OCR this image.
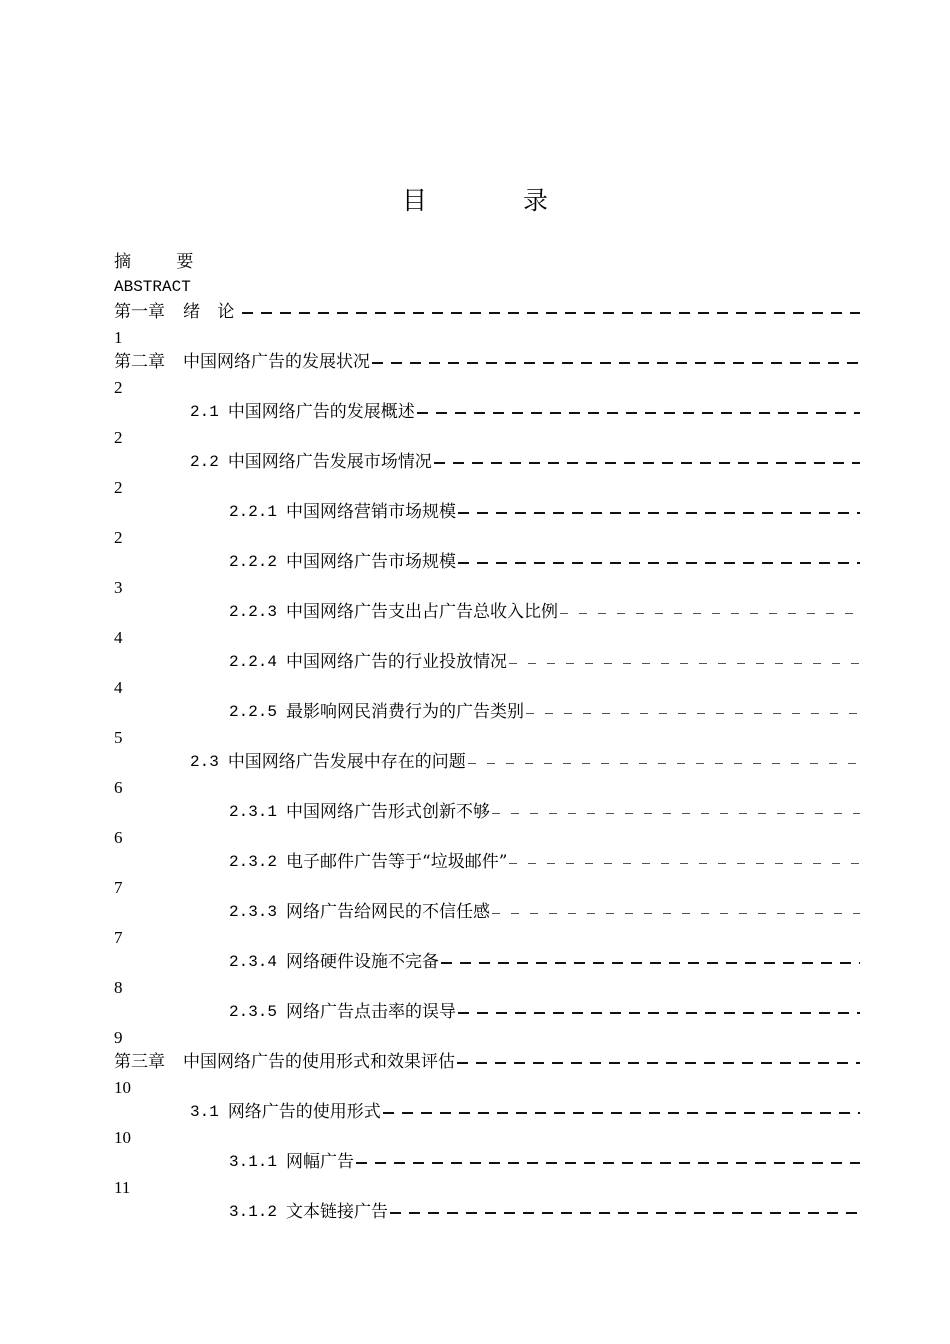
目 录
摘 要
ABSTRACT
第一章 绪 论
1
第二章 中国网络广告的发展状况
2
2.1 中国网络广告的发展概述
2
2.2 中国网络广告发展市场情况
2
2.2.1 中国网络营销市场规模
2
2.2.2 中国网络广告市场规模
3
2.2.3 中国网络广告支出占广告总收入比例
4
2.2.4 中国网络广告的行业投放情况
4
2.2.5 最影响网民消费行为的广告类别
5
2.3 中国网络广告发展中存在的问题
6
2.3.1 中国网络广告形式创新不够
6
2.3.2 电子邮件广告等于“垃圾邮件”
7
2.3.3 网络广告给网民的不信任感
7
2.3.4 网络硬件设施不完备
8
2.3.5 网络广告点击率的误导
9
第三章 中国网络广告的使用形式和效果评估
10
3.1 网络广告的使用形式
10
3.1.1 网幅广告
11
3.1.2 文本链接广告
